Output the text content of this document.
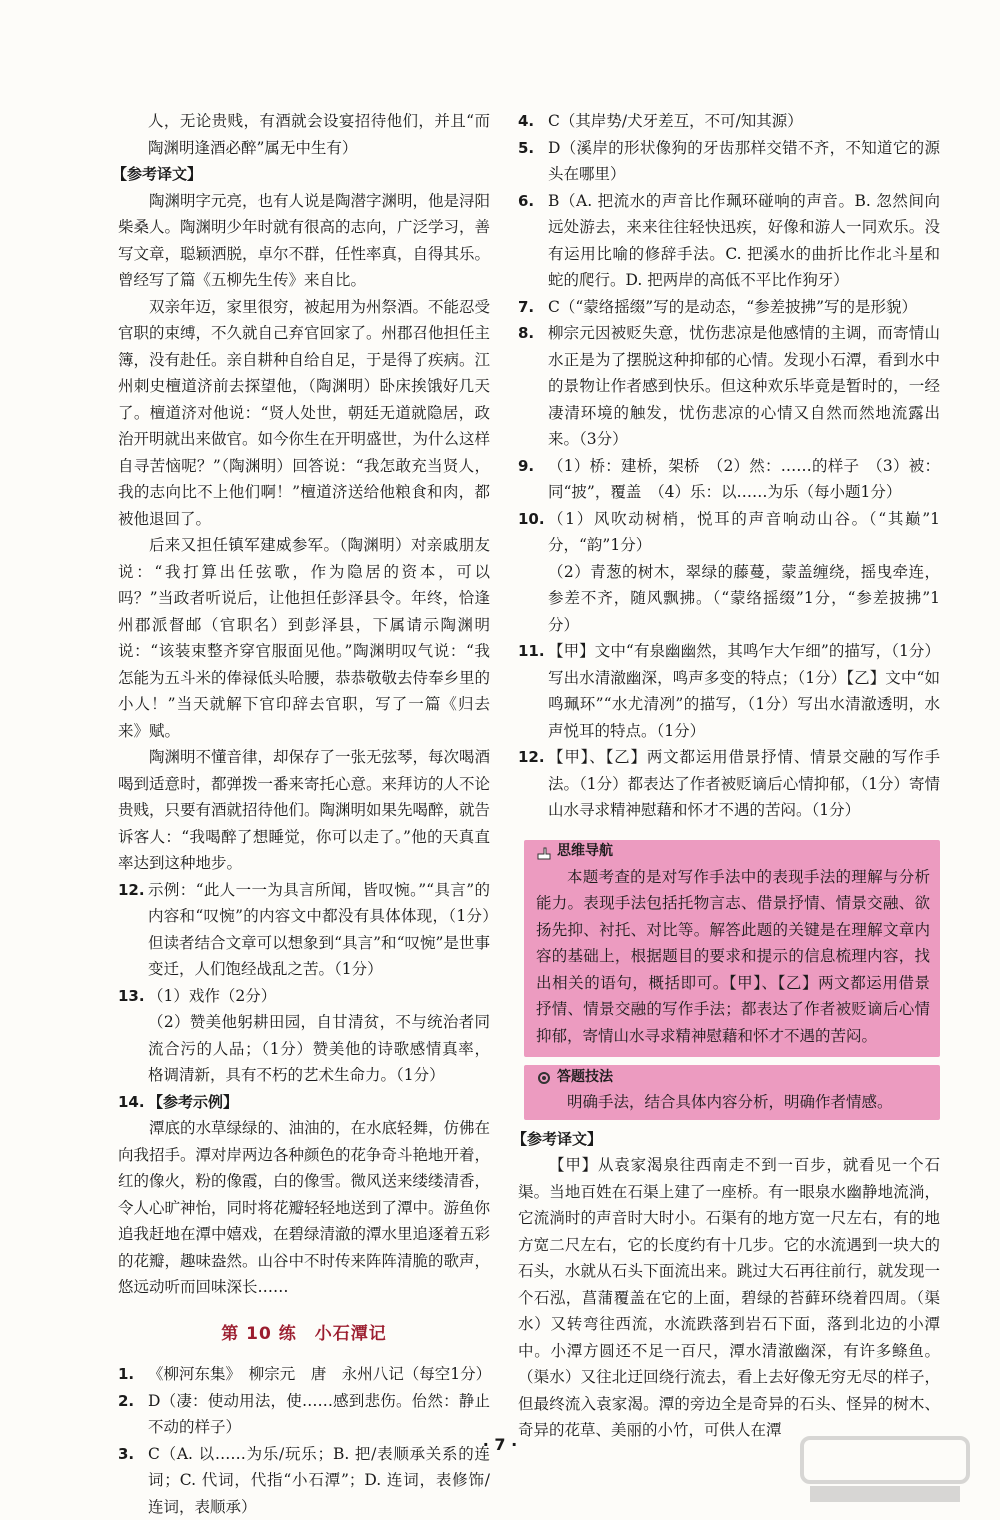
人，无论贵贱，有酒就会设宴招待他们，并且“而陶渊明逢酒必醉”属无中生有）

【参考译文】

陶渊明字元亮，也有人说是陶潜字渊明，他是浔阳柴桑人。陶渊明少年时就有很高的志向，广泛学习，善写文章，聪颖洒脱，卓尔不群，任性率真，自得其乐。曾经写了篇《五柳先生传》来自比。

双亲年迈，家里很穷，被起用为州祭酒。不能忍受官职的束缚，不久就自己弃官回家了。州郡召他担任主簿，没有赴任。亲自耕种自给自足，于是得了疾病。江州刺史檀道济前去探望他，（陶渊明）卧床挨饿好几天了。檀道济对他说：“贤人处世，朝廷无道就隐居，政治开明就出来做官。如今你生在开明盛世，为什么这样自寻苦恼呢？”（陶渊明）回答说：“我怎敢充当贤人，我的志向比不上他们啊！”檀道济送给他粮食和肉，都被他退回了。

后来又担任镇军建威参军。（陶渊明）对亲戚朋友说：“我打算出任弦歌，作为隐居的资本，可以吗？”当政者听说后，让他担任彭泽县令。年终，恰逢州郡派督邮（官职名）到彭泽县，下属请示陶渊明说：“该装束整齐穿官服面见他。”陶渊明叹气说：“我怎能为五斗米的俸禄低头哈腰，恭恭敬敬去侍奉乡里的小人！”当天就解下官印辞去官职，写了一篇《归去来》赋。

陶渊明不懂音律，却保存了一张无弦琴，每次喝酒喝到适意时，都弹拨一番来寄托心意。来拜访的人不论贵贱，只要有酒就招待他们。陶渊明如果先喝醉，就告诉客人：“我喝醉了想睡觉，你可以走了。”他的天真直率达到这种地步。

12. 示例：“此人一一为具言所闻，皆叹惋。”“具言”的内容和“叹惋”的内容文中都没有具体体现，（1分）但读者结合文章可以想象到“具言”和“叹惋”是世事变迁，人们饱经战乱之苦。（1分）

13. （1）戏作（2分）

（2）赞美他躬耕田园，自甘清贫，不与统治者同流合污的人品；（1分）赞美他的诗歌感情真率，格调清新，具有不朽的艺术生命力。（1分）

14. 【参考示例】

潭底的水草绿绿的、油油的，在水底轻舞，仿佛在向我招手。潭对岸两边各种颜色的花争奇斗艳地开着，红的像火，粉的像霞，白的像雪。微风送来缕缕清香，令人心旷神怡，同时将花瓣轻轻地送到了潭中。游鱼你追我赶地在潭中嬉戏，在碧绿清澈的潭水里追逐着五彩的花瓣，趣味盎然。山谷中不时传来阵阵清脆的歌声，悠远动听而回味深长……

第 10 练　小石潭记
1. 《柳河东集》　柳宗元　唐　永州八记（每空1分）

2. D（凄：使动用法，使……感到悲伤。佁然：静止不动的样子）

3. C（A. 以……为乐/玩乐；B. 把/表顺承关系的连词；C. 代词，代指“小石潭”；D. 连词，表修饰/连词，表顺承）

4. C（其岸势/犬牙差互，不可/知其源）

5. D（溪岸的形状像狗的牙齿那样交错不齐，不知道它的源头在哪里）

6. B（A. 把流水的声音比作珮环碰响的声音。B. 忽然间向远处游去，来来往往轻快迅疾，好像和游人一同欢乐。没有运用比喻的修辞手法。C. 把溪水的曲折比作北斗星和蛇的爬行。D. 把两岸的高低不平比作狗牙）

7. C（“蒙络摇缀”写的是动态，“参差披拂”写的是形貌）

8. 柳宗元因被贬失意，忧伤悲凉是他感情的主调，而寄情山水正是为了摆脱这种抑郁的心情。发现小石潭，看到水中的景物让作者感到快乐。但这种欢乐毕竟是暂时的，一经凄清环境的触发，忧伤悲凉的心情又自然而然地流露出来。（3分）

9. （1）桥：建桥，架桥　（2）然：……的样子　（3）被：同“披”，覆盖　（4）乐：以……为乐（每小题1分）

10. （1）风吹动树梢，悦耳的声音响动山谷。（“其巅”1分，“韵”1分）

（2）青葱的树木，翠绿的藤蔓，蒙盖缠绕，摇曳牵连，参差不齐，随风飘拂。（“蒙络摇缀”1分，“参差披拂”1分）

11. 【甲】文中“有泉幽幽然，其鸣乍大乍细”的描写，（1分）写出水清澈幽深，鸣声多变的特点；（1分）【乙】文中“如鸣珮环”“水尤清冽”的描写，（1分）写出水清澈透明，水声悦耳的特点。（1分）

12. 【甲】、【乙】两文都运用借景抒情、情景交融的写作手法。（1分）都表达了作者被贬谪后心情抑郁，（1分）寄情山水寻求精神慰藉和怀才不遇的苦闷。（1分）

思维导航

本题考查的是对写作手法中的表现手法的理解与分析能力。表现手法包括托物言志、借景抒情、情景交融、欲扬先抑、衬托、对比等。解答此题的关键是在理解文章内容的基础上，根据题目的要求和提示的信息梳理内容，找出相关的语句，概括即可。【甲】、【乙】两文都运用借景抒情、情景交融的写作手法；都表达了作者被贬谪后心情抑郁，寄情山水寻求精神慰藉和怀才不遇的苦闷。

答题技法

明确手法，结合具体内容分析，明确作者情感。

【参考译文】

【甲】从袁家渴泉往西南走不到一百步，就看见一个石渠。当地百姓在石渠上建了一座桥。有一眼泉水幽静地流淌，它流淌时的声音时大时小。石渠有的地方宽一尺左右，有的地方宽二尺左右，它的长度约有十几步。它的水流遇到一块大的石头，水就从石头下面流出来。跳过大石再往前行，就发现一个石泓，菖蒲覆盖在它的上面，碧绿的苔藓环绕着四周。（渠水）又转弯往西流，水流跌落到岩石下面，落到北边的小潭中。小潭方圆还不足一百尺，潭水清澈幽深，有许多鲦鱼。（渠水）又往北迂回绕行流去，看上去好像无穷无尽的样子，但最终流入袁家渴。潭的旁边全是奇异的石头、怪异的树木、奇异的花草、美丽的小竹，可供人在潭

· 7 ·
